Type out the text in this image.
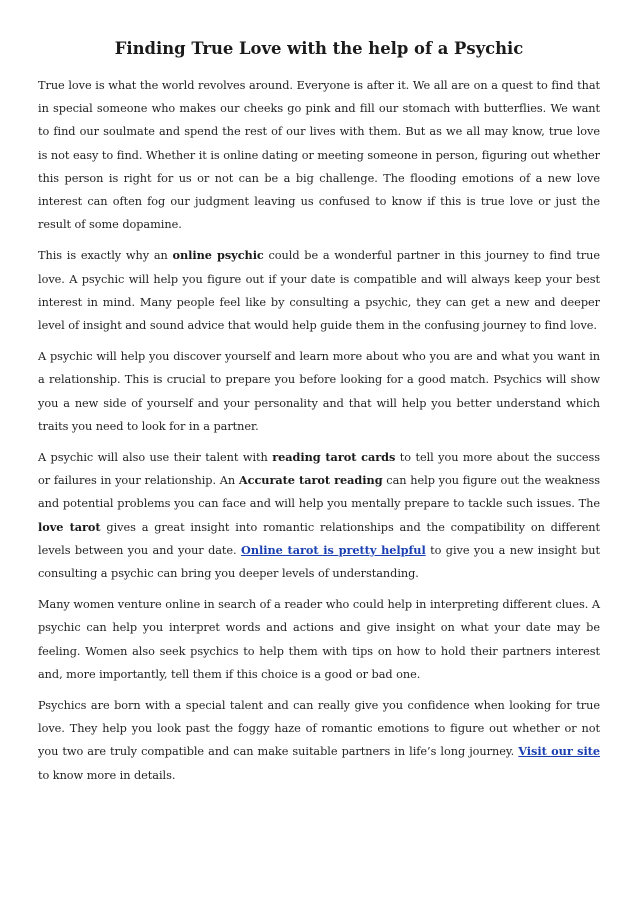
Finding True Love with the help of a Psychic

True love is what the world revolves around. Everyone is after it. We all are on a quest to find that in special someone who makes our cheeks go pink and fill our stomach with butterflies. We want to find our soulmate and spend the rest of our lives with them. But as we all may know, true love is not easy to find. Whether it is online dating or meeting someone in person, figuring out whether this person is right for us or not can be a big challenge. The flooding emotions of a new love interest can often fog our judgment leaving us confused to know if this is true love or just the result of some dopamine.

This is exactly why an online psychic could be a wonderful partner in this journey to find true love. A psychic will help you figure out if your date is compatible and will always keep your best interest in mind. Many people feel like by consulting a psychic, they can get a new and deeper level of insight and sound advice that would help guide them in the confusing journey to find love.

A psychic will help you discover yourself and learn more about who you are and what you want in a relationship. This is crucial to prepare you before looking for a good match. Psychics will show you a new side of yourself and your personality and that will help you better understand which traits you need to look for in a partner.

A psychic will also use their talent with reading tarot cards to tell you more about the success or failures in your relationship. An Accurate tarot reading can help you figure out the weakness and potential problems you can face and will help you mentally prepare to tackle such issues. The love tarot gives a great insight into romantic relationships and the compatibility on different levels between you and your date. Online tarot is pretty helpful to give you a new insight but consulting a psychic can bring you deeper levels of understanding.

Many women venture online in search of a reader who could help in interpreting different clues. A psychic can help you interpret words and actions and give insight on what your date may be feeling. Women also seek psychics to help them with tips on how to hold their partners interest and, more importantly, tell them if this choice is a good or bad one.

Psychics are born with a special talent and can really give you confidence when looking for true love. They help you look past the foggy haze of romantic emotions to figure out whether or not you two are truly compatible and can make suitable partners in life’s long journey. Visit our site to know more in details.
